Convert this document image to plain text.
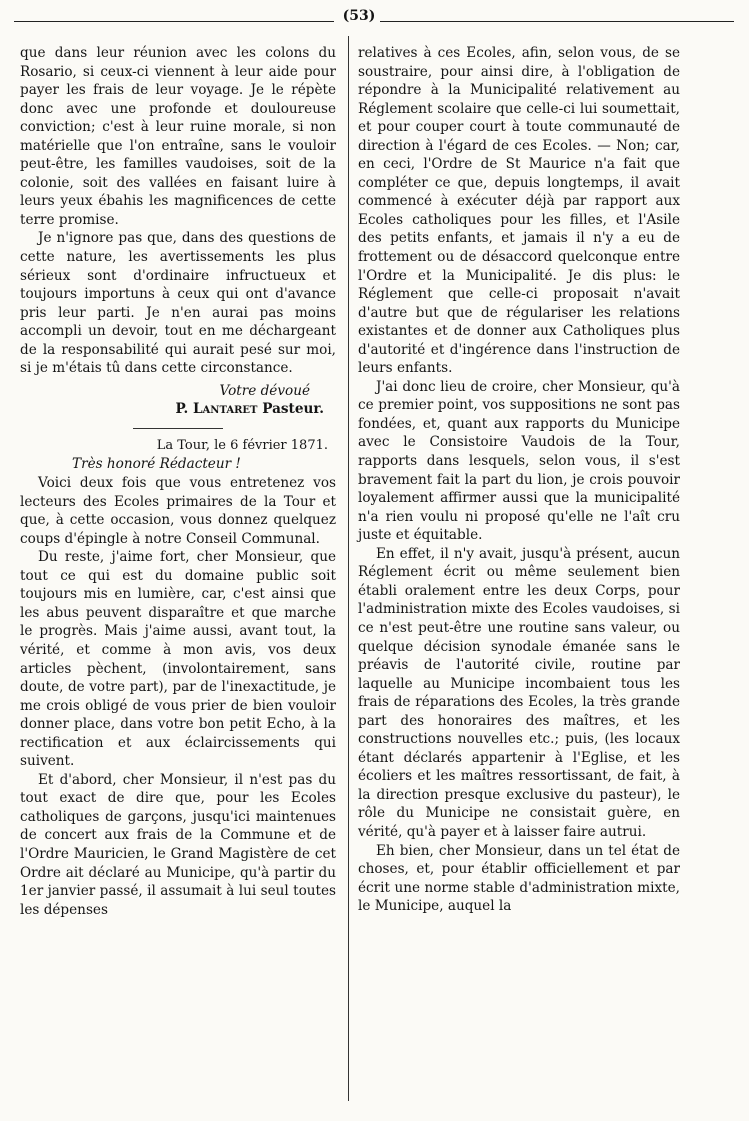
(53)

que dans leur réunion avec les colons du Rosario, si ceux-ci viennent à leur aide pour payer les frais de leur voyage. Je le répète donc avec une profonde et douloureuse conviction; c'est à leur ruine morale, si non matérielle que l'on entraîne, sans le vouloir peut-être, les familles vaudoises, soit de la colonie, soit des vallées en faisant luire à leurs yeux ébahis les magnificences de cette terre promise.

Je n'ignore pas que, dans des questions de cette nature, les avertissements les plus sérieux sont d'ordinaire infructueux et toujours importuns à ceux qui ont d'avance pris leur parti. Je n'en aurai pas moins accompli un devoir, tout en me déchargeant de la responsabilité qui aurait pesé sur moi, si je m'étais tû dans cette circonstance.

Votre dévoué

P. Lantaret Pasteur.

La Tour, le 6 février 1871.

Très honoré Rédacteur !

Voici deux fois que vous entretenez vos lecteurs des Ecoles primaires de la Tour et que, à cette occasion, vous donnez quelquez coups d'épingle à notre Conseil Communal.

Du reste, j'aime fort, cher Monsieur, que tout ce qui est du domaine public soit toujours mis en lumière, car, c'est ainsi que les abus peuvent disparaître et que marche le progrès. Mais j'aime aussi, avant tout, la vérité, et comme à mon avis, vos deux articles pèchent, (involontairement, sans doute, de votre part), par de l'inexactitude, je me crois obligé de vous prier de bien vouloir donner place, dans votre bon petit Echo, à la rectification et aux éclaircissements qui suivent.

Et d'abord, cher Monsieur, il n'est pas du tout exact de dire que, pour les Ecoles catholiques de garçons, jusqu'ici maintenues de concert aux frais de la Commune et de l'Ordre Mauricien, le Grand Magistère de cet Ordre ait déclaré au Municipe, qu'à partir du 1er janvier passé, il assumait à lui seul toutes les dépenses

relatives à ces Ecoles, afin, selon vous, de se soustraire, pour ainsi dire, à l'obligation de répondre à la Municipalité relativement au Réglement scolaire que celle-ci lui soumettait, et pour couper court à toute communauté de direction à l'égard de ces Ecoles. — Non; car, en ceci, l'Ordre de St Maurice n'a fait que compléter ce que, depuis longtemps, il avait commencé à exécuter déjà par rapport aux Ecoles catholiques pour les filles, et l'Asile des petits enfants, et jamais il n'y a eu de frottement ou de désaccord quelconque entre l'Ordre et la Municipalité. Je dis plus: le Réglement que celle-ci proposait n'avait d'autre but que de régulariser les relations existantes et de donner aux Catholiques plus d'autorité et d'ingérence dans l'instruction de leurs enfants.

J'ai donc lieu de croire, cher Monsieur, qu'à ce premier point, vos suppositions ne sont pas fondées, et, quant aux rapports du Municipe avec le Consistoire Vaudois de la Tour, rapports dans lesquels, selon vous, il s'est bravement fait la part du lion, je crois pouvoir loyalement affirmer aussi que la municipalité n'a rien voulu ni proposé qu'elle ne l'aît cru juste et équitable.

En effet, il n'y avait, jusqu'à présent, aucun Réglement écrit ou même seulement bien établi oralement entre les deux Corps, pour l'administration mixte des Ecoles vaudoises, si ce n'est peut-être une routine sans valeur, ou quelque décision synodale émanée sans le préavis de l'autorité civile, routine par laquelle au Municipe incombaient tous les frais de réparations des Ecoles, la très grande part des honoraires des maîtres, et les constructions nouvelles etc.; puis, (les locaux étant déclarés appartenir à l'Eglise, et les écoliers et les maîtres ressortissant, de fait, à la direction presque exclusive du pasteur), le rôle du Municipe ne consistait guère, en vérité, qu'à payer et à laisser faire autrui.

Eh bien, cher Monsieur, dans un tel état de choses, et, pour établir officiellement et par écrit une norme stable d'administration mixte, le Municipe, auquel la
